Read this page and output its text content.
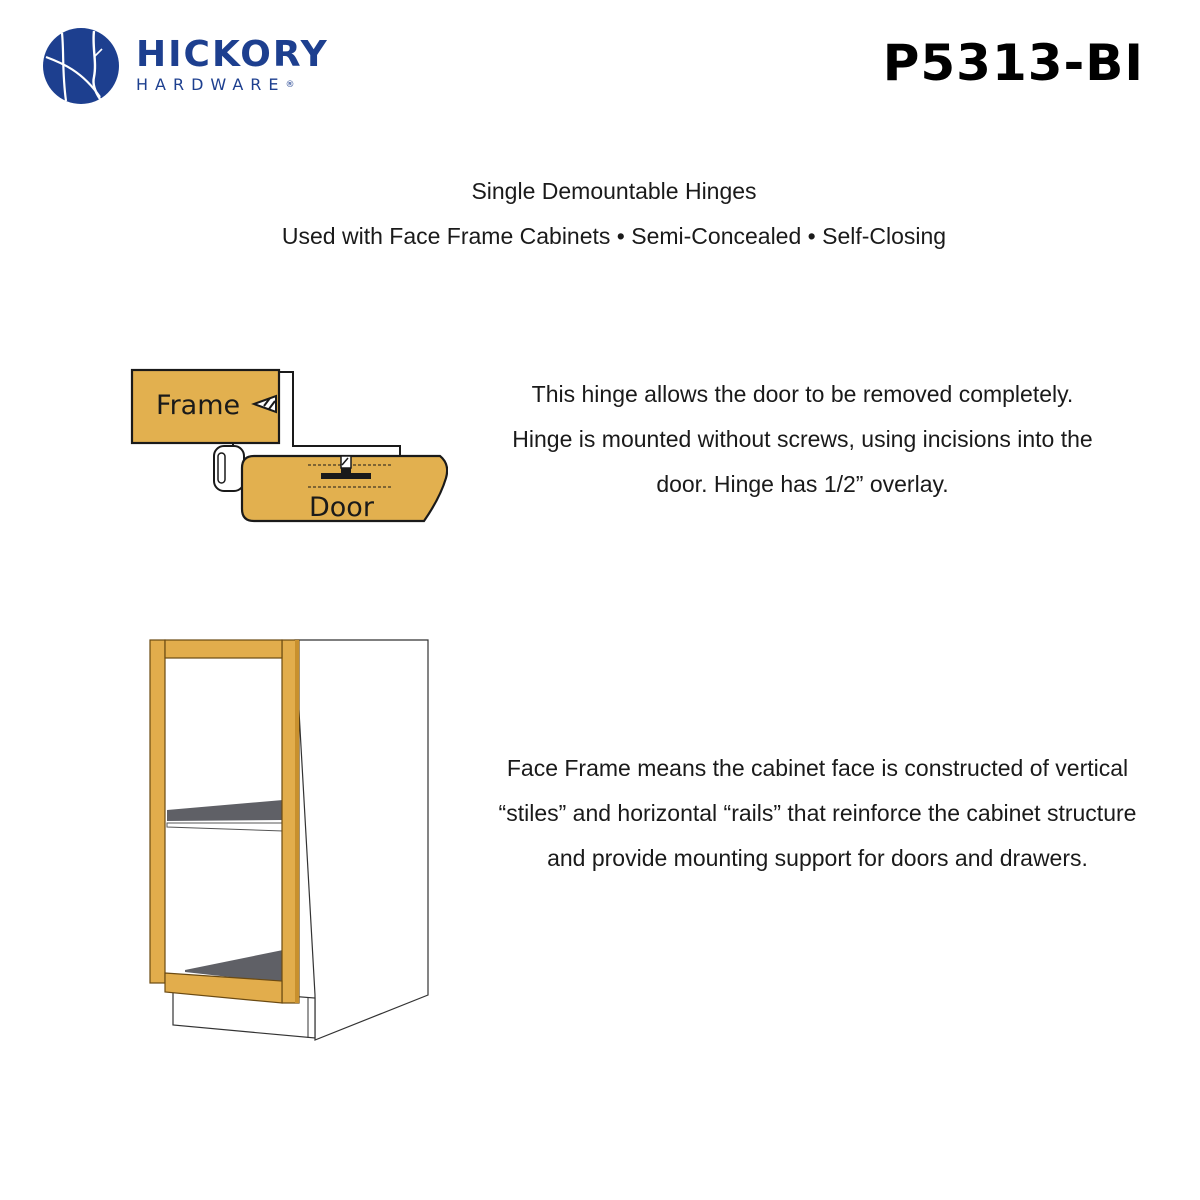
HICKORY
HARDWARE®	P5313-BI
Single Demountable Hinges
Used with Face Frame Cabinets • Semi-Concealed • Self-Closing
Frame
Door
This hinge allows the door to be removed completely. Hinge is mounted without screws, using incisions into the door. Hinge has 1/2” overlay.
Face Frame means the cabinet face is constructed of vertical “stiles” and horizontal “rails” that reinforce the cabinet structure and provide mounting support for doors and drawers.
